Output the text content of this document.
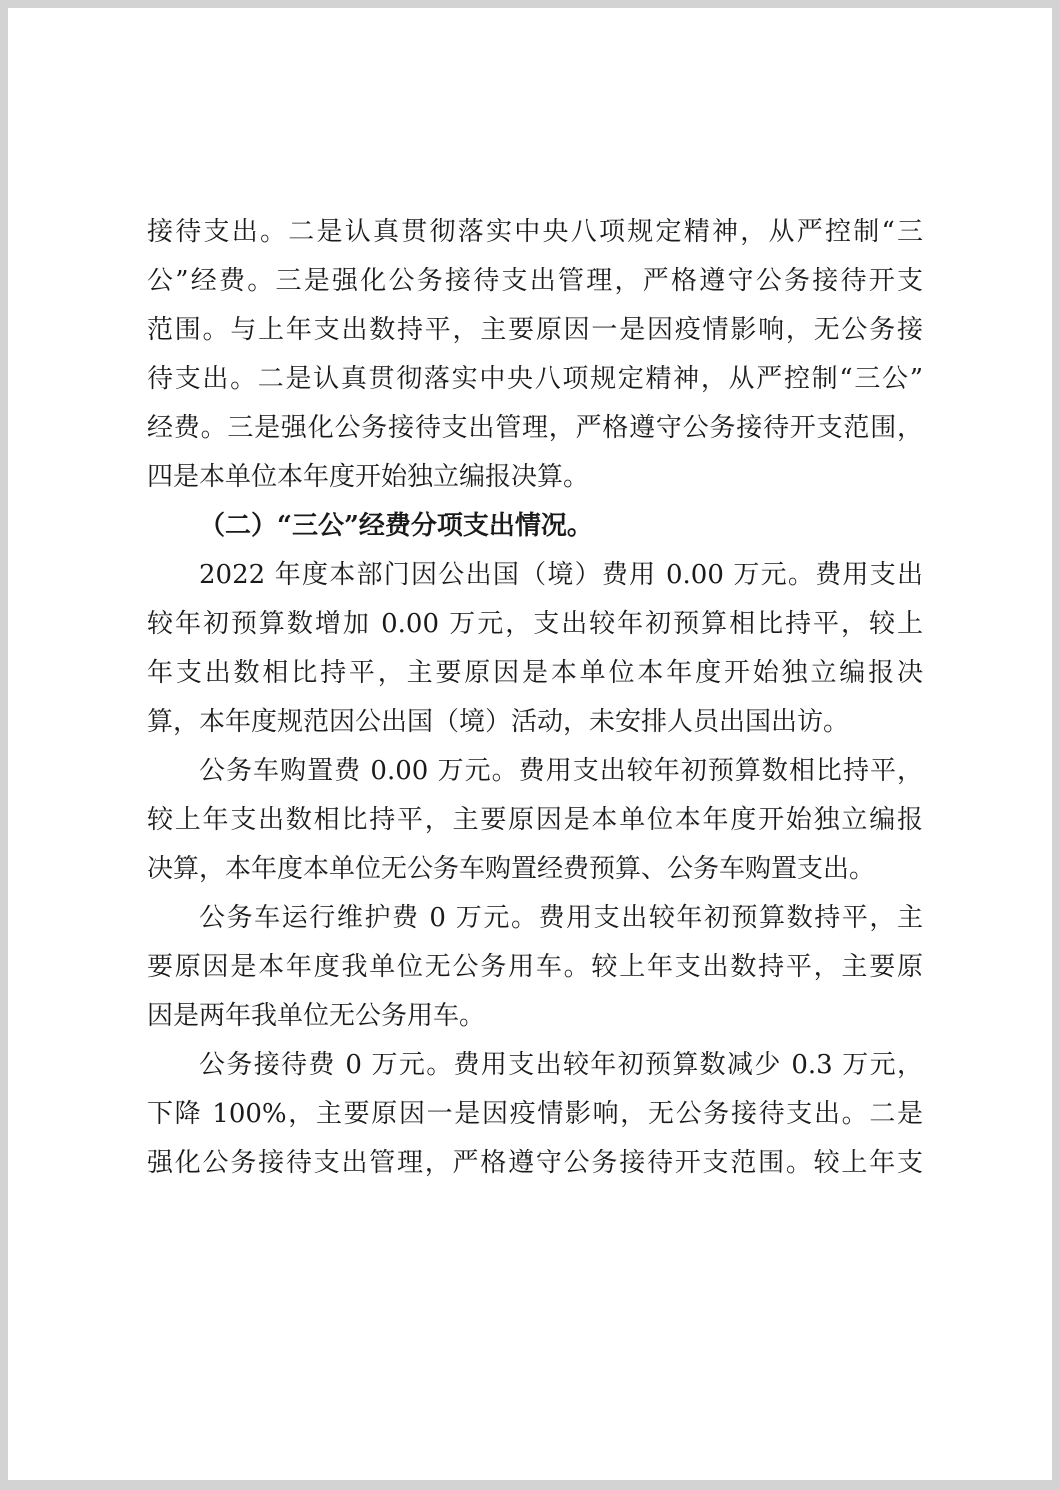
接待支出。二是认真贯彻落实中央八项规定精神，从严控制“三
公”经费。三是强化公务接待支出管理，严格遵守公务接待开支
范围。与上年支出数持平，主要原因一是因疫情影响，无公务接
待支出。二是认真贯彻落实中央八项规定精神，从严控制“三公”
经费。三是强化公务接待支出管理，严格遵守公务接待开支范围，
四是本单位本年度开始独立编报决算。
（二）“三公”经费分项支出情况。
2022 年度本部门因公出国（境）费用 0.00 万元。费用支出
较年初预算数增加 0.00 万元，支出较年初预算相比持平，较上
年支出数相比持平，主要原因是本单位本年度开始独立编报决
算，本年度规范因公出国（境）活动，未安排人员出国出访。
公务车购置费 0.00 万元。费用支出较年初预算数相比持平，
较上年支出数相比持平，主要原因是本单位本年度开始独立编报
决算，本年度本单位无公务车购置经费预算、公务车购置支出。
公务车运行维护费 0 万元。费用支出较年初预算数持平，主
要原因是本年度我单位无公务用车。较上年支出数持平，主要原
因是两年我单位无公务用车。
公务接待费 0 万元。费用支出较年初预算数减少 0.3 万元，
下降 100%，主要原因一是因疫情影响，无公务接待支出。二是
强化公务接待支出管理，严格遵守公务接待开支范围。较上年支
